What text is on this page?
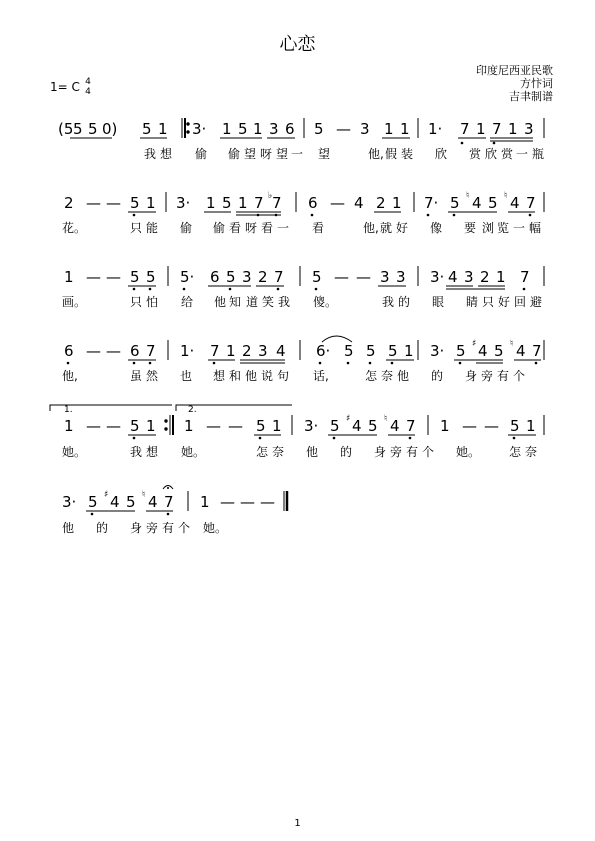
心恋
印度尼西亚民歌
方忭词
吉聿制谱
1= C 4
4
(5 5 5 0) 5 1 3· 1 5 1 3 6 5 — 3 1 1 1· 7 1 7 1 3
2 — — 5 1 3· 1 5 1 7 7 6 — 4 2 1 7· 5 4 5 4 7
1 — — 5 5 5· 6 5 3 2 7 5 — — 3 3 3· 4 3 2 1 7
6 — — 6 7 1· 7 1 2 3 4 6· 5 5 5 1 3· 5 4 5 4 7
1 — — 5 1 1 — — 5 1 3· 5 4 5 4 7 1 — — 5 1
3· 5 4 5 4 7 1 — — —
♭	♮	♮
♯	♮
♯	♮
♯	♮
1.	2.
我 想 偷 偷 望 呀 望 一 望	他, 假 装 欣 赏 欣 赏 一 瓶
花。	只 能 偷 偷 看 呀 看 一 看	他, 就 好 像 要 浏 览 一 幅
画。	只 怕 给 他 知 道 笑 我 傻。	我 的 眼 睛 只 好 回 避
他,	虽 然 也 想 和 他 说 句 话,	怎 奈 他 的 身 旁 有 个
她。	我 想 她。	怎 奈 他 的 身 旁 有 个 她。 怎 奈
他 的 身 旁 有 个 她。
1
